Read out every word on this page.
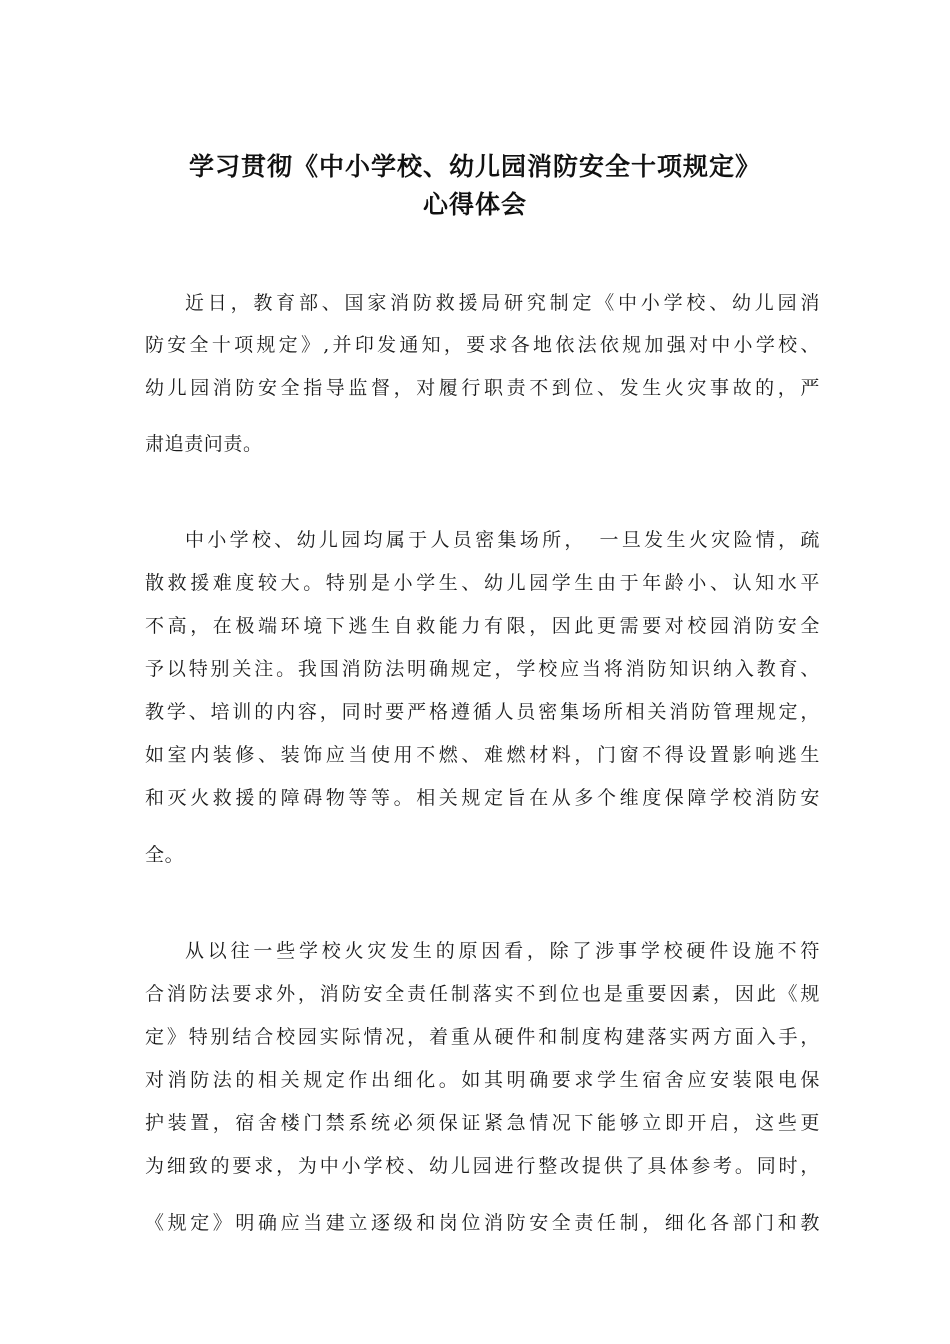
学习贯彻《中小学校、幼儿园消防安全十项规定》
心得体会
近日，教育部、国家消防救援局研究制定《中小学校、幼儿园消
防安全十项规定》,并印发通知，要求各地依法依规加强对中小学校、
幼儿园消防安全指导监督，对履行职责不到位、发生火灾事故的，严
肃追责问责。
中小学校、幼儿园均属于人员密集场所，　一旦发生火灾险情，疏
散救援难度较大。特别是小学生、幼儿园学生由于年龄小、认知水平
不高，在极端环境下逃生自救能力有限，因此更需要对校园消防安全
予以特别关注。我国消防法明确规定，学校应当将消防知识纳入教育、
教学、培训的内容，同时要严格遵循人员密集场所相关消防管理规定，
如室内装修、装饰应当使用不燃、难燃材料，门窗不得设置影响逃生
和灭火救援的障碍物等等。相关规定旨在从多个维度保障学校消防安
全。
从以往一些学校火灾发生的原因看，除了涉事学校硬件设施不符
合消防法要求外，消防安全责任制落实不到位也是重要因素，因此《规
定》特别结合校园实际情况，着重从硬件和制度构建落实两方面入手，
对消防法的相关规定作出细化。如其明确要求学生宿舍应安装限电保
护装置，宿舍楼门禁系统必须保证紧急情况下能够立即开启，这些更
为细致的要求，为中小学校、幼儿园进行整改提供了具体参考。同时，
《规定》明确应当建立逐级和岗位消防安全责任制，细化各部门和教
